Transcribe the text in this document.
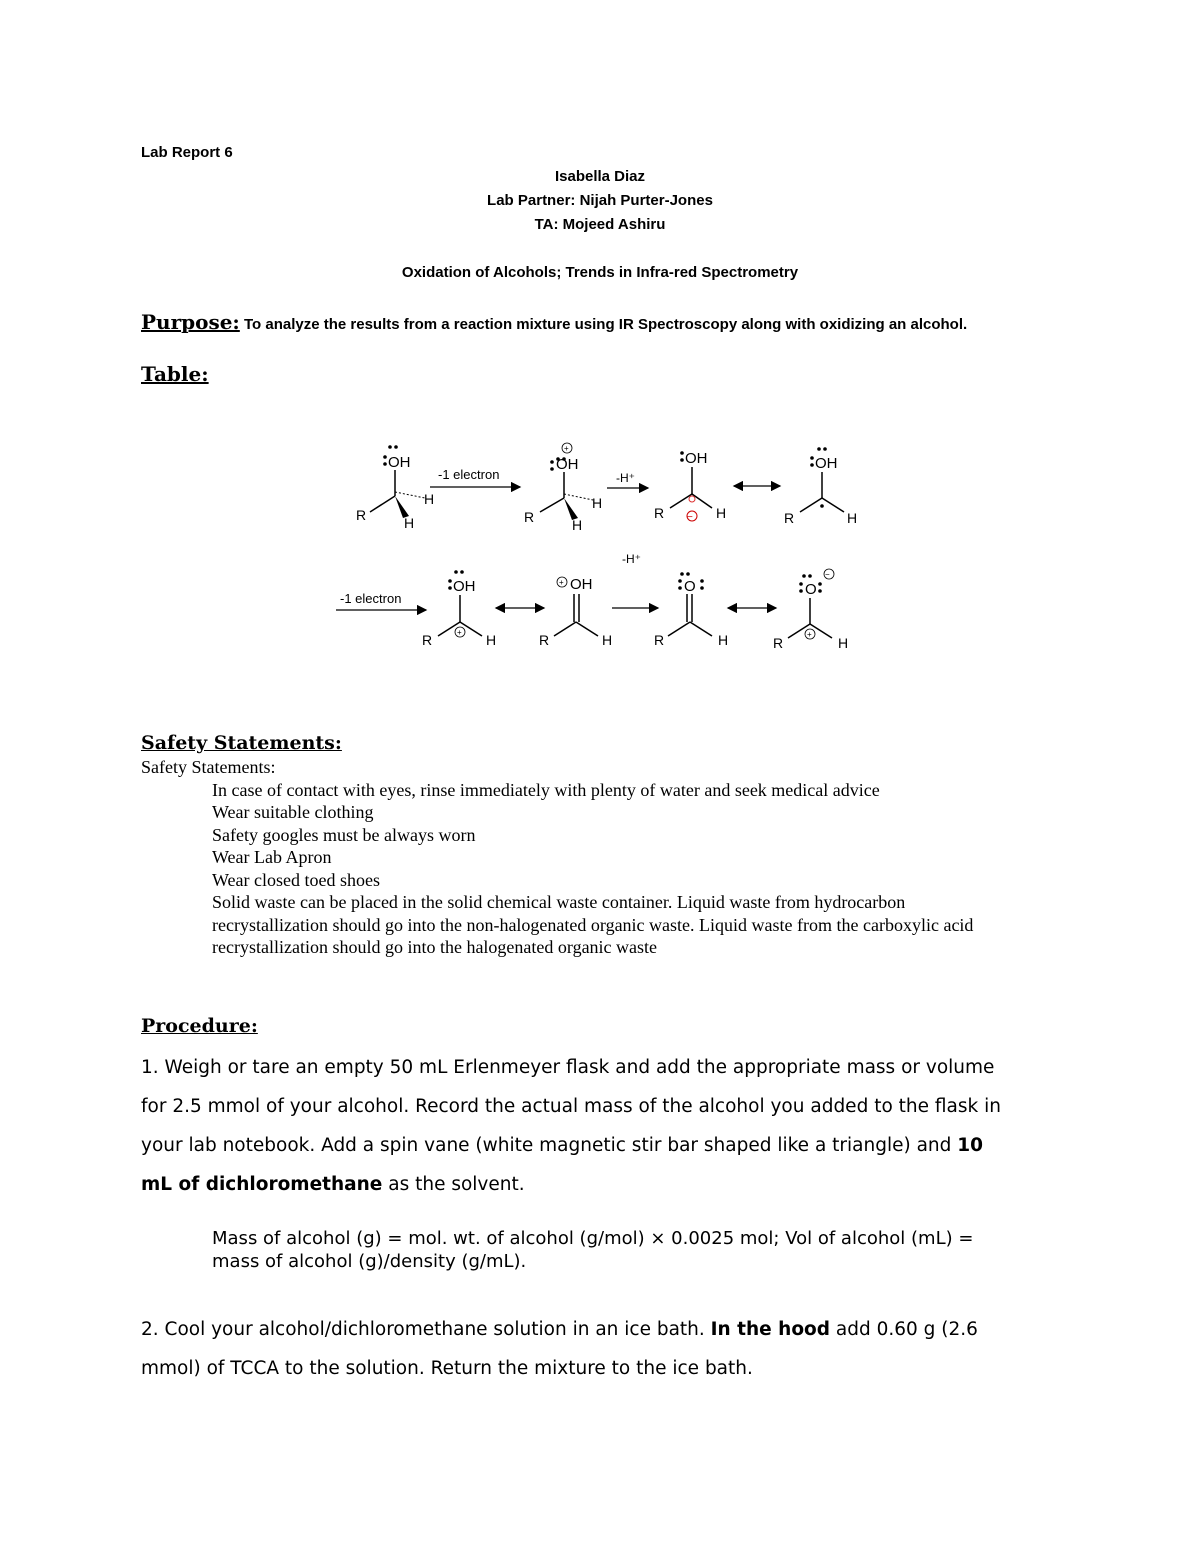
Lab Report 6
Isabella Diaz
Lab Partner: Nijah Purter-Jones
TA: Mojeed Ashiru
Oxidation of Alcohols; Trends in Infra-red Spectrometry
Purpose: To analyze the results from a reaction mixture using IR Spectroscopy along with oxidizing an alcohol.
Table:
OH
H
R	H
-1 electron
+
OH
H
R	H
-H⁺
OH
−
R	H
OH
R	H
-H⁺
-1 electron
OH
+
R	H
+ OH
R	H
O
R	H
O
−
+
R	H
Safety Statements:
Safety Statements:
In case of contact with eyes, rinse immediately with plenty of water and seek medical advice
Wear suitable clothing
Safety googles must be always worn
Wear Lab Apron
Wear closed toed shoes
Solid waste can be placed in the solid chemical waste container. Liquid waste from hydrocarbon
recrystallization should go into the non-halogenated organic waste. Liquid waste from the carboxylic acid
recrystallization should go into the halogenated organic waste
Procedure:
1. Weigh or tare an empty 50 mL Erlenmeyer flask and add the appropriate mass or volume
for 2.5 mmol of your alcohol. Record the actual mass of the alcohol you added to the flask in
your lab notebook. Add a spin vane (white magnetic stir bar shaped like a triangle) and 10
mL of dichloromethane as the solvent.
Mass of alcohol (g) = mol. wt. of alcohol (g/mol) × 0.0025 mol; Vol of alcohol (mL) =
mass of alcohol (g)/density (g/mL).
2. Cool your alcohol/dichloromethane solution in an ice bath. In the hood add 0.60 g (2.6
mmol) of TCCA to the solution. Return the mixture to the ice bath.
